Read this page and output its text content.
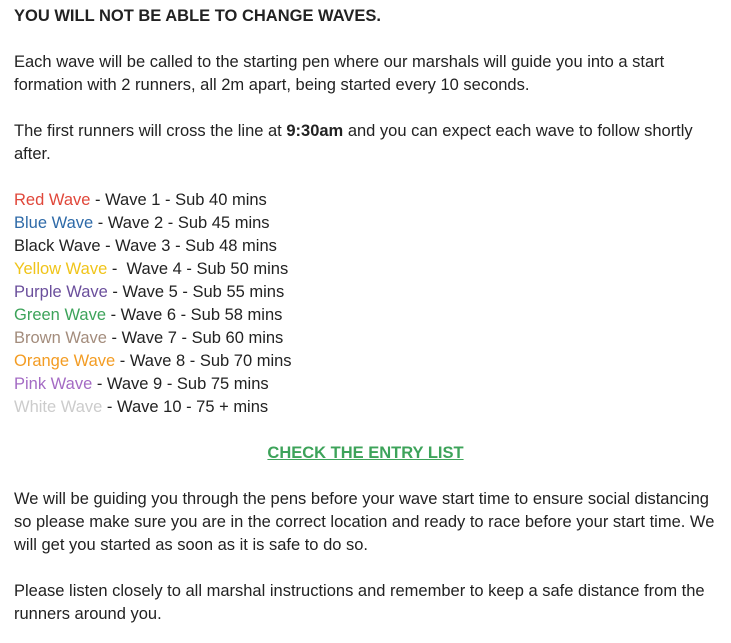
YOU WILL NOT BE ABLE TO CHANGE WAVES.

Each wave will be called to the starting pen where our marshals will guide you into a start formation with 2 runners, all 2m apart, being started every 10 seconds.

The first runners will cross the line at 9:30am and you can expect each wave to follow shortly after.

Red Wave - Wave 1 - Sub 40 mins
Blue Wave - Wave 2 - Sub 45 mins
Black Wave - Wave 3 - Sub 48 mins
Yellow Wave -  Wave 4 - Sub 50 mins
Purple Wave - Wave 5 - Sub 55 mins
Green Wave - Wave 6 - Sub 58 mins
Brown Wave - Wave 7 - Sub 60 mins
Orange Wave - Wave 8 - Sub 70 mins
Pink Wave - Wave 9 - Sub 75 mins
White Wave - Wave 10 - 75 + mins
CHECK THE ENTRY LIST

We will be guiding you through the pens before your wave start time to ensure social distancing so please make sure you are in the correct location and ready to race before your start time. We will get you started as soon as it is safe to do so.

Please listen closely to all marshal instructions and remember to keep a safe distance from the runners around you.
